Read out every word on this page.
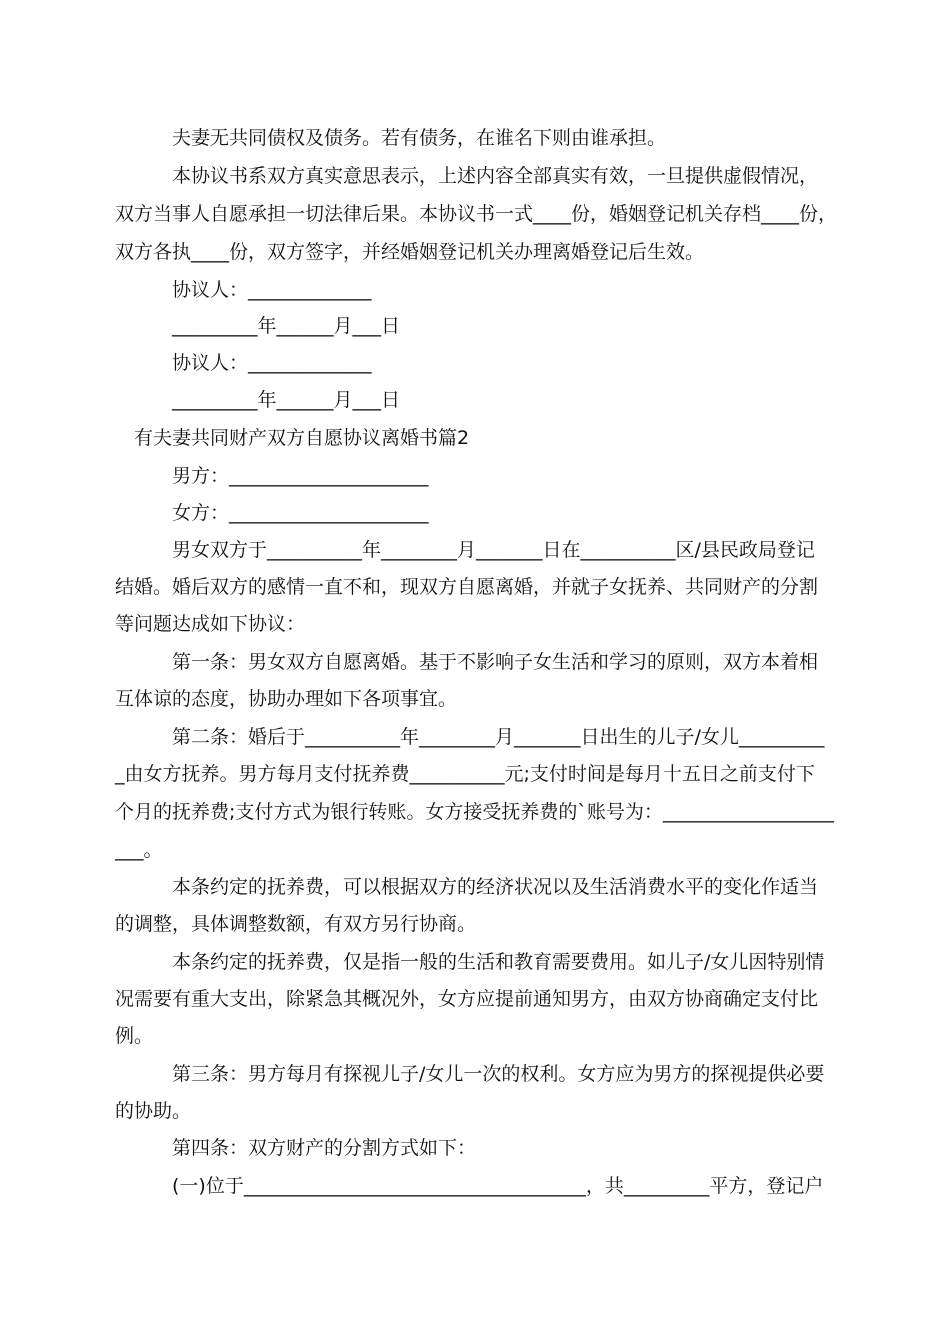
夫妻无共同债权及债务。若有债务，在谁名下则由谁承担。
本协议书系双方真实意思表示，上述内容全部真实有效，一旦提供虚假情况，
双方当事人自愿承担一切法律后果。本协议书一式____份，婚姻登记机关存档____份，
双方各执____份，双方签字，并经婚姻登记机关办理离婚登记后生效。
协议人：_____________
_________年______月___日
协议人：_____________
_________年______月___日
有夫妻共同财产双方自愿协议离婚书篇2
男方：_____________________
女方：_____________________
男女双方于__________年________月_______日在__________区/县民政局登记
结婚。婚后双方的感情一直不和，现双方自愿离婚，并就子女抚养、共同财产的分割
等问题达成如下协议：
第一条：男女双方自愿离婚。基于不影响子女生活和学习的原则，双方本着相
互体谅的态度，协助办理如下各项事宜。
第二条：婚后于__________年________月_______日出生的儿子/女儿_________
_由女方抚养。男方每月支付抚养费__________元;支付时间是每月十五日之前支付下
个月的抚养费;支付方式为银行转账。女方接受抚养费的`账号为：__________________
___。
本条约定的抚养费，可以根据双方的经济状况以及生活消费水平的变化作适当
的调整，具体调整数额，有双方另行协商。
本条约定的抚养费，仅是指一般的生活和教育需要费用。如儿子/女儿因特别情
况需要有重大支出，除紧急其概况外，女方应提前通知男方，由双方协商确定支付比
例。
第三条：男方每月有探视儿子/女儿一次的权利。女方应为男方的探视提供必要
的协助。
第四条：双方财产的分割方式如下：
(一)位于____________________________________，共_________平方，登记户
